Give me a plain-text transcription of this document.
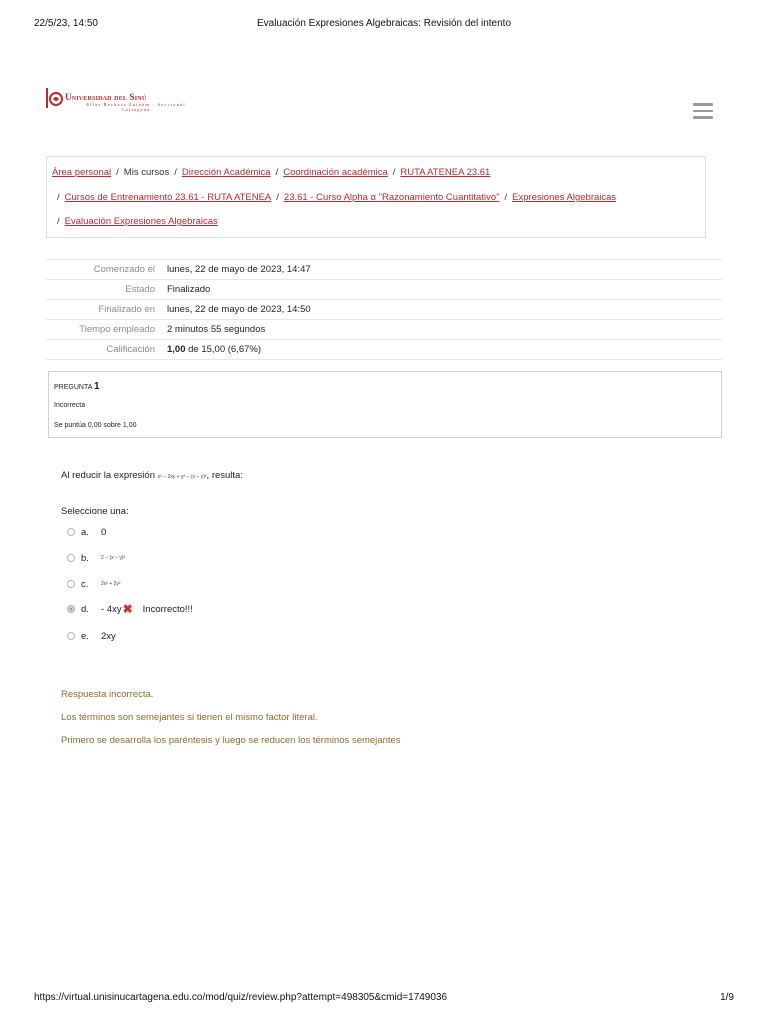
22/5/23, 14:50	Evaluación Expresiones Algebraicas: Revisión del intento
Universidad del Sinú
Elías Bechara Zainúm · Seccional Cartagena
Área personal / Mis cursos / Dirección Académica / Coordinación académica / RUTA ATENEA 23.61
/ Cursos de Entrenamiento 23.61 - RUTA ATENEA / 23.61 - Curso Alpha α "Razonamiento Cuantitativo" / Expresiones Algebraicas
/ Evaluación Expresiones Algebraicas
Comenzado el	lunes, 22 de mayo de 2023, 14:47
Estado	Finalizado
Finalizado en	lunes, 22 de mayo de 2023, 14:50
Tiempo empleado	2 minutos 55 segundos
Calificación	1,00 de 15,00 (6,67%)
PREGUNTA 1
Incorrecta
Se puntúa 0,00 sobre 1,00
Al reducir la expresión x² − 2xy + y² − (x − y)², resulta:
Seleccione una:
a.	0
b.	2 − (x − y)²
c.	2x² + 2y²
d.	- 4xy ✖ Incorrecto!!!
e.	2xy
Respuesta incorrecta.
Los términos son semejantes si tienen el mismo factor literal.
Primero se desarrolla los paréntesis y luego se reducen los términos semejantes
https://virtual.unisinucartagena.edu.co/mod/quiz/review.php?attempt=498305&cmid=1749036	1/9
